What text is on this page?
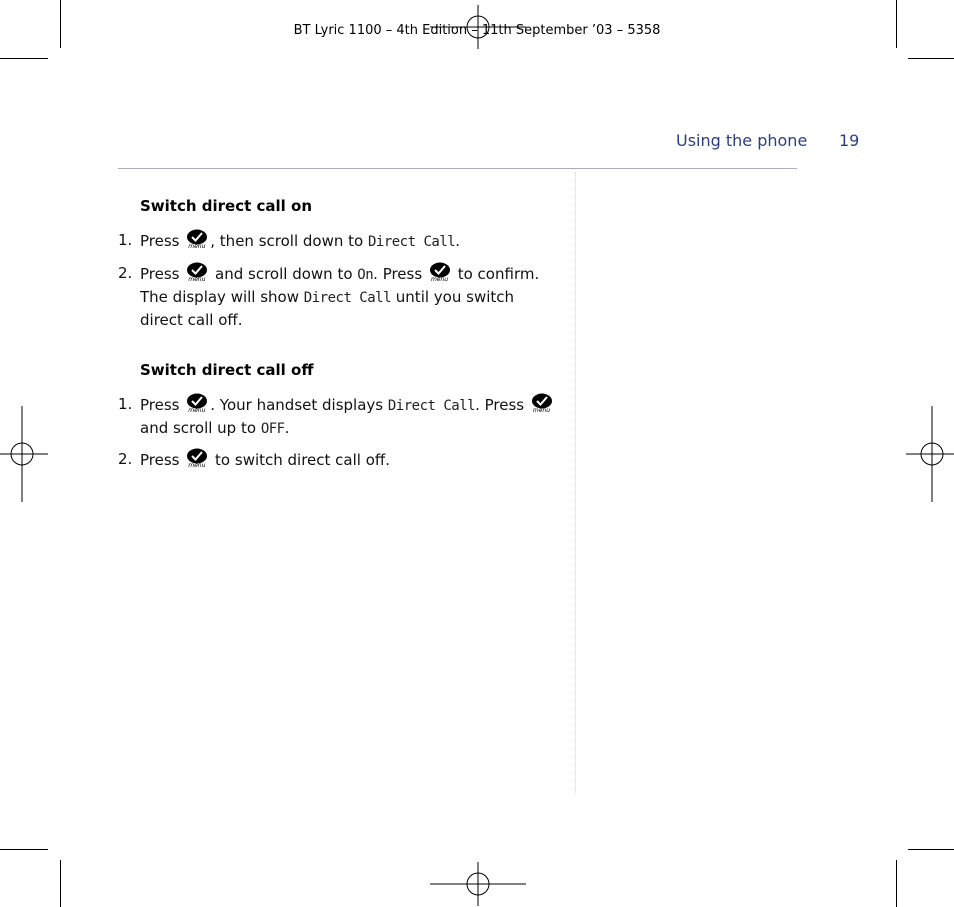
BT Lyric 1100 – 4th Edition – 11th September ’03 – 5358
Using the phone 19
Switch direct call on
1. Press menu , then scroll down to Direct Call.
2. Press menu and scroll down to On. Press menu to confirm. The display will show Direct Call until you switch direct call off.
Switch direct call off
1. Press menu . Your handset displays Direct Call. Press menu
and scroll up to OFF.
2. Press menu to switch direct call off.
